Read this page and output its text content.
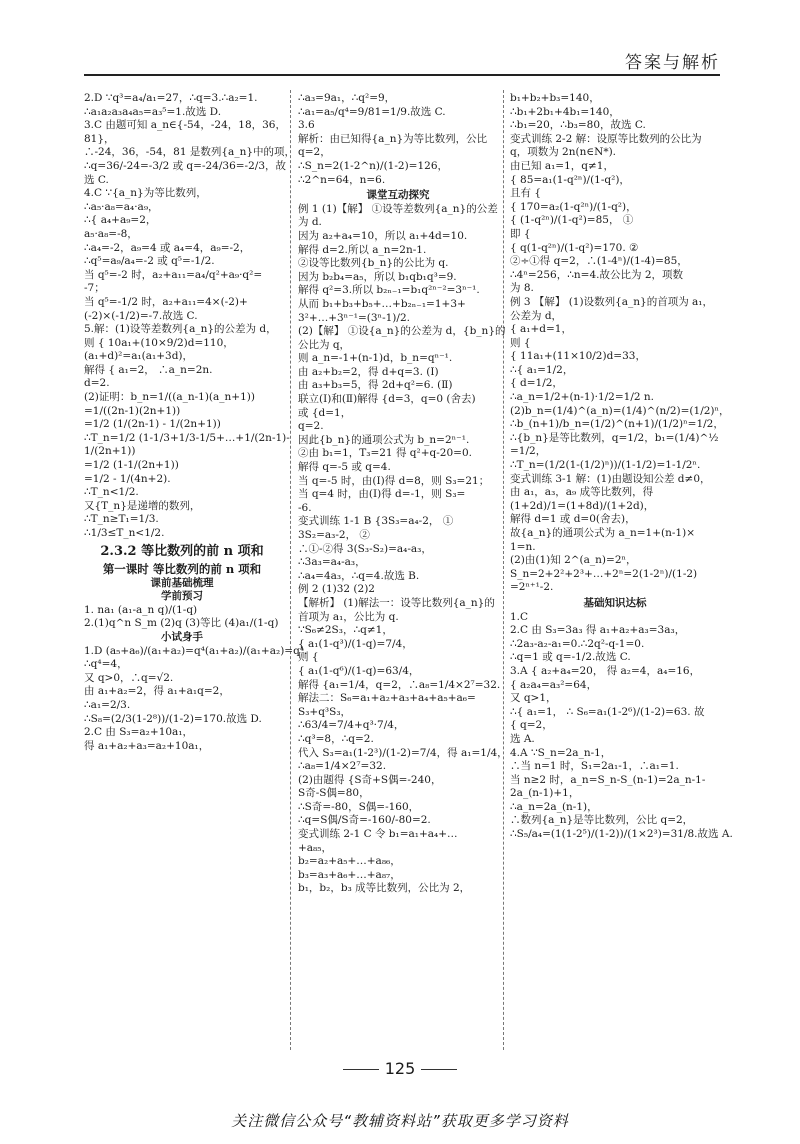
答案与解析
2.D ∵q³=a₄/a₁=27，∴q=3.∴a₂=1.
∴a₁a₂a₃a₄a₅=a₃⁵=1.故选 D.
3.C 由题可知 a_n∈{-54，-24，18，36，
81}，
∴-24，36，-54，81 是数列{a_n}中的项，
∴q=36/-24=-3/2 或 q=-24/36=-2/3，故
选 C.
4.C ∵{a_n}为等比数列，
∴a₅·a₈=a₄·a₉，
∴{ a₄+a₉=2，
a₅·a₈=-8，
∴a₄=-2，a₉=4 或 a₄=4，a₉=-2，
∴q⁵=a₉/a₄=-2 或 q⁵=-1/2.
当 q⁵=-2 时，a₂+a₁₁=a₄/q²+a₉·q²=
-7；
当 q⁵=-1/2 时，a₂+a₁₁=4×(-2)+
(-2)×(-1/2)=-7.故选 C.
5.解：(1)设等差数列{a_n}的公差为 d，
则 { 10a₁+(10×9/2)d=110，
(a₁+d)²=a₁(a₁+3d)，
解得 { a₁=2， ∴a_n=2n.
d=2.
(2)证明：b_n=1/((a_n-1)(a_n+1))
=1/((2n-1)(2n+1))
=1/2 (1/(2n-1) - 1/(2n+1))
∴T_n=1/2 (1-1/3+1/3-1/5+…+1/(2n-1)-
1/(2n+1))
=1/2 (1-1/(2n+1))
=1/2 - 1/(4n+2).
∴T_n<1/2.
又{T_n}是递增的数列，
∴T_n≥T₁=1/3.
∴1/3≤T_n<1/2.
2.3.2 等比数列的前 n 项和
第一课时 等比数列的前 n 项和
课前基础梳理
学前预习
1. na₁ (a₁-a_n q)/(1-q)
2.(1)q^n S_m (2)q (3)等比 (4)a₁/(1-q)
小试身手
1.D (a₅+a₆)/(a₁+a₂)=q⁴(a₁+a₂)/(a₁+a₂)=q⁴.
∴q⁴=4，
又 q>0，∴q=√2.
由 a₁+a₂=2，得 a₁+a₁q=2，
∴a₁=2/3.
∴S₈=(2/3(1-2⁸))/(1-2)=170.故选 D.
2.C 由 S₃=a₂+10a₁，
得 a₁+a₂+a₃=a₂+10a₁，
∴a₃=9a₁，∴q²=9，
∴a₁=a₅/q⁴=9/81=1/9.故选 C.
3.6
解析：由已知得{a_n}为等比数列，公比
q=2，
∴S_n=2(1-2^n)/(1-2)=126，
∴2^n=64，n=6.
课堂互动探究
例 1 (1)【解】 ①设等差数列{a_n}的公差
为 d.
因为 a₂+a₄=10，所以 a₁+4d=10.
解得 d=2.所以 a_n=2n-1.
②设等比数列{b_n}的公比为 q.
因为 b₂b₄=a₅，所以 b₁qb₁q³=9.
解得 q²=3.所以 b₂ₙ₋₁=b₁q²ⁿ⁻²=3ⁿ⁻¹.
从而 b₁+b₃+b₅+…+b₂ₙ₋₁=1+3+
3²+…+3ⁿ⁻¹=(3ⁿ-1)/2.
(2)【解】 ①设{a_n}的公差为 d，{b_n}的
公比为 q，
则 a_n=-1+(n-1)d，b_n=qⁿ⁻¹.
由 a₂+b₂=2，得 d+q=3. (Ⅰ)
由 a₃+b₃=5，得 2d+q²=6. (Ⅱ)
联立(Ⅰ)和(Ⅱ)解得 {d=3，q=0 (舍去)
或 {d=1，
q=2.
因此{b_n}的通项公式为 b_n=2ⁿ⁻¹.
②由 b₁=1，T₃=21 得 q²+q-20=0.
解得 q=-5 或 q=4.
当 q=-5 时，由(Ⅰ)得 d=8，则 S₃=21；
当 q=4 时，由(Ⅰ)得 d=-1，则 S₃=
-6.
变式训练 1-1 B {3S₃=a₄-2， ①
3S₂=a₃-2， ②
∴①-②得 3(S₃-S₂)=a₄-a₃，
∴3a₃=a₄-a₃，
∴a₄=4a₃，∴q=4.故选 B.
例 2 (1)32 (2)2
【解析】 (1)解法一：设等比数列{a_n}的
首项为 a₁，公比为 q.
∵S₆≠2S₃，∴q≠1，
{ a₁(1-q³)/(1-q)=7/4，
则 {
{ a₁(1-q⁶)/(1-q)=63/4，
解得 {a₁=1/4，q=2，∴a₈=1/4×2⁷=32.
解法二：S₆=a₁+a₂+a₃+a₄+a₅+a₆=
S₃+q³S₃，
∴63/4=7/4+q³·7/4，
∴q³=8，∴q=2.
代入 S₃=a₁(1-2³)/(1-2)=7/4，得 a₁=1/4，
∴a₈=1/4×2⁷=32.
(2)由题得 {S奇+S偶=-240，
S奇-S偶=80，
∴S奇=-80，S偶=-160，
∴q=S偶/S奇=-160/-80=2.
变式训练 2-1 C 令 b₁=a₁+a₄+…
+a₈₅，
b₂=a₂+a₅+…+a₈₆，
b₃=a₃+a₆+…+a₈₇，
b₁，b₂，b₃ 成等比数列，公比为 2，
b₁+b₂+b₃=140，
∴b₁+2b₁+4b₁=140，
∴b₁=20，∴b₃=80，故选 C.
变式训练 2-2 解：设原等比数列的公比为
q，项数为 2n(n∈N*).
由已知 a₁=1，q≠1，
{ 85=a₁(1-q²ⁿ)/(1-q²)，
且有 {
{ 170=a₂(1-q²ⁿ)/(1-q²)，
{ (1-q²ⁿ)/(1-q²)=85， ①
即 {
{ q(1-q²ⁿ)/(1-q²)=170. ②
②÷①得 q=2，∴(1-4ⁿ)/(1-4)=85，
∴4ⁿ=256，∴n=4.故公比为 2，项数
为 8.
例 3 【解】 (1)设数列{a_n}的首项为 a₁，
公差为 d，
{ a₁+d=1，
则 {
{ 11a₁+(11×10/2)d=33，
∴{ a₁=1/2，
{ d=1/2，
∴a_n=1/2+(n-1)·1/2=1/2 n.
(2)b_n=(1/4)^(a_n)=(1/4)^(n/2)=(1/2)ⁿ，
∴b_(n+1)/b_n=(1/2)^(n+1)/(1/2)ⁿ=1/2，
∴{b_n}是等比数列，q=1/2，b₁=(1/4)^½
=1/2，
∴T_n=(1/2(1-(1/2)ⁿ))/(1-1/2)=1-1/2ⁿ.
变式训练 3-1 解：(1)由题设知公差 d≠0，
由 a₁，a₃，a₉ 成等比数列，得
(1+2d)/1=(1+8d)/(1+2d)，
解得 d=1 或 d=0(舍去)，
故{a_n}的通项公式为 a_n=1+(n-1)×
1=n.
(2)由(1)知 2^(a_n)=2ⁿ，
S_n=2+2²+2³+…+2ⁿ=2(1-2ⁿ)/(1-2)
=2ⁿ⁺¹-2.
基础知识达标
1.C
2.C 由 S₃=3a₃ 得 a₁+a₂+a₃=3a₃，
∴2a₃-a₂-a₁=0.∴2q²-q-1=0.
∴q=1 或 q=-1/2.故选 C.
3.A { a₂+a₄=20， 得 a₂=4，a₄=16，
{ a₂a₄=a₃²=64，
又 q>1，
∴{ a₁=1， ∴ S₆=a₁(1-2⁶)/(1-2)=63. 故
{ q=2，
选 A.
4.A ∵S_n=2a_n-1，
∴当 n=1 时，S₁=2a₁-1，∴a₁=1.
当 n≥2 时，a_n=S_n-S_(n-1)=2a_n-1-
2a_(n-1)+1，
∴a_n=2a_(n-1)，
∴数列{a_n}是等比数列，公比 q=2，
∴S₅/a₄=(1(1-2⁵)/(1-2))/(1×2³)=31/8.故选 A.
125
关注微信公众号“教辅资料站”获取更多学习资料
